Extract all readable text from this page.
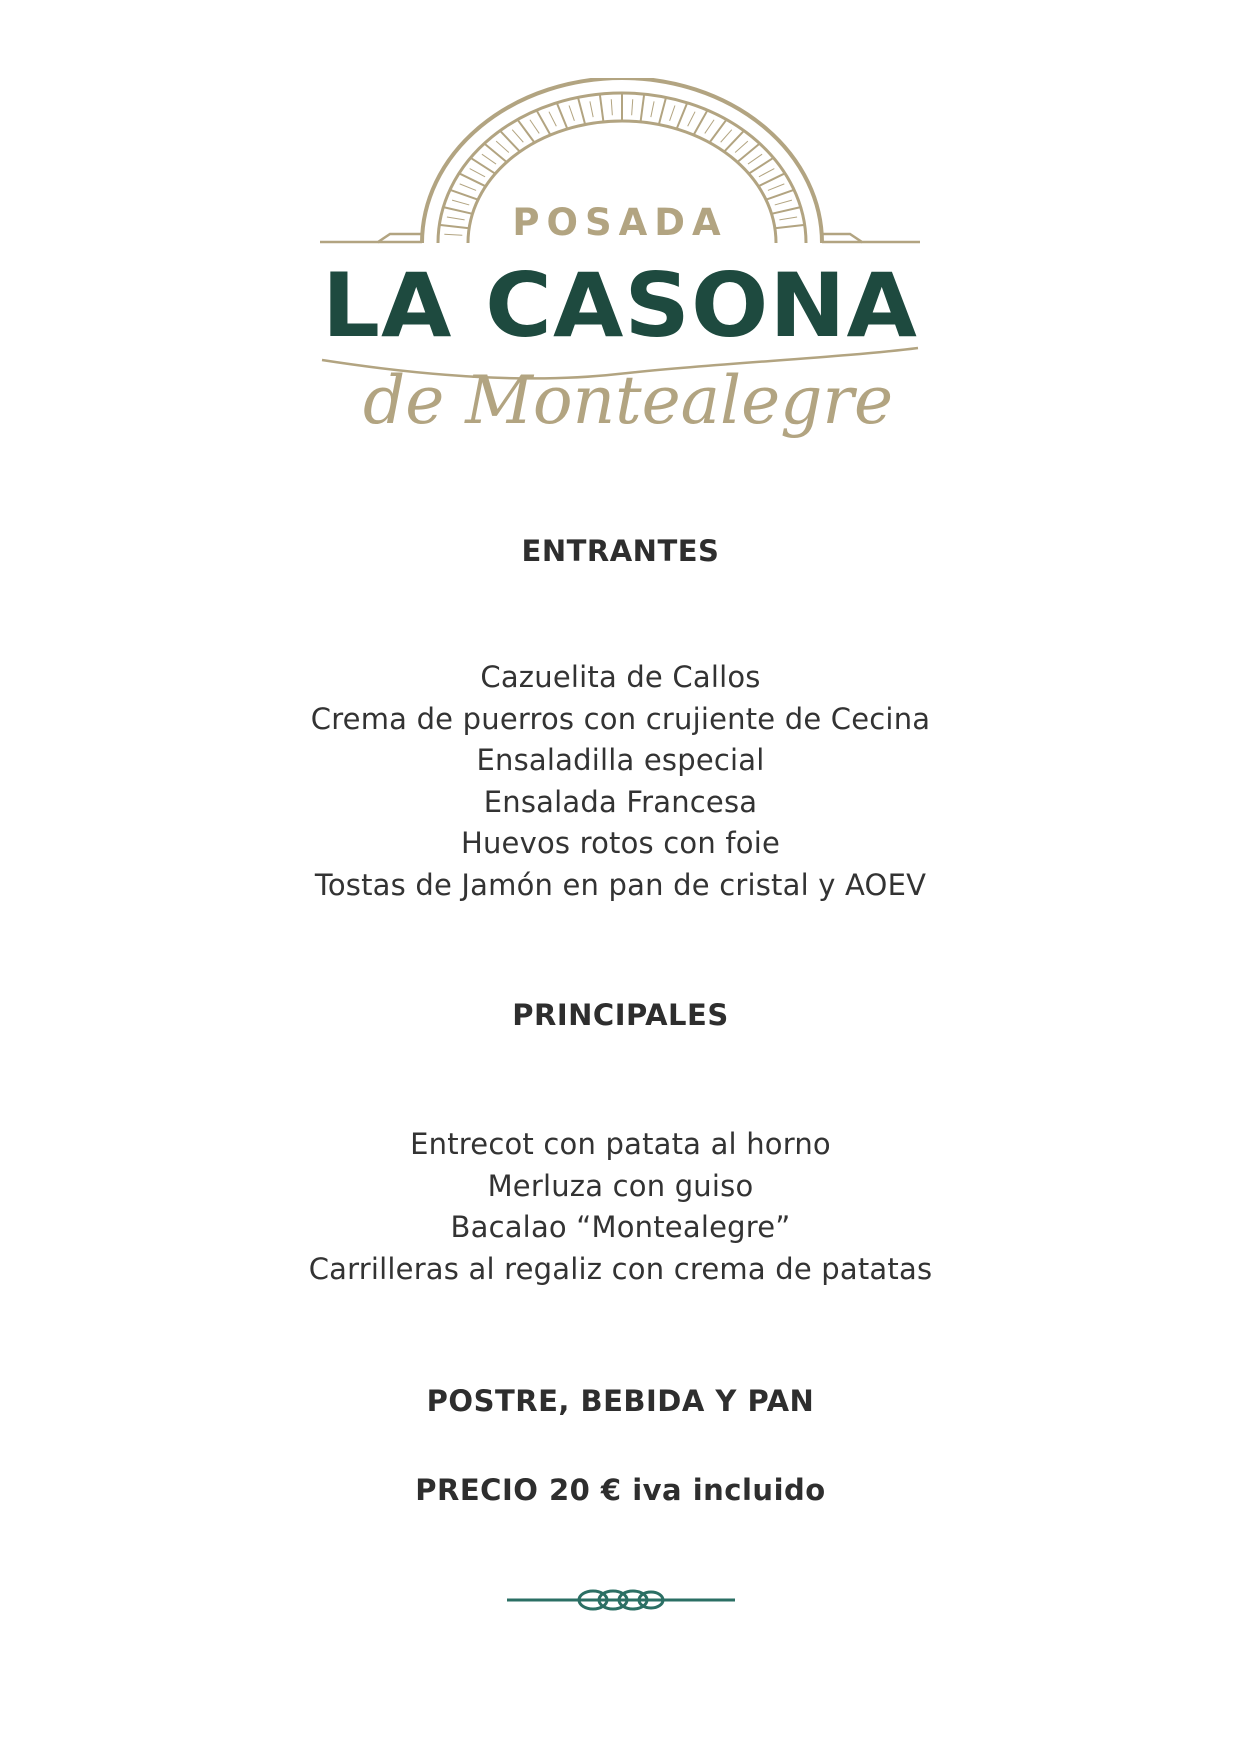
POSADA
LA CASONA
de Montealegre
ENTRANTES
Cazuelita de Callos
Crema de puerros con crujiente de Cecina
Ensaladilla especial
Ensalada Francesa
Huevos rotos con foie
Tostas de Jamón en pan de cristal y AOEV
PRINCIPALES
Entrecot con patata al horno
Merluza con guiso
Bacalao “Montealegre”
Carrilleras al regaliz con crema de patatas
POSTRE, BEBIDA Y PAN
PRECIO 20 € iva incluido
